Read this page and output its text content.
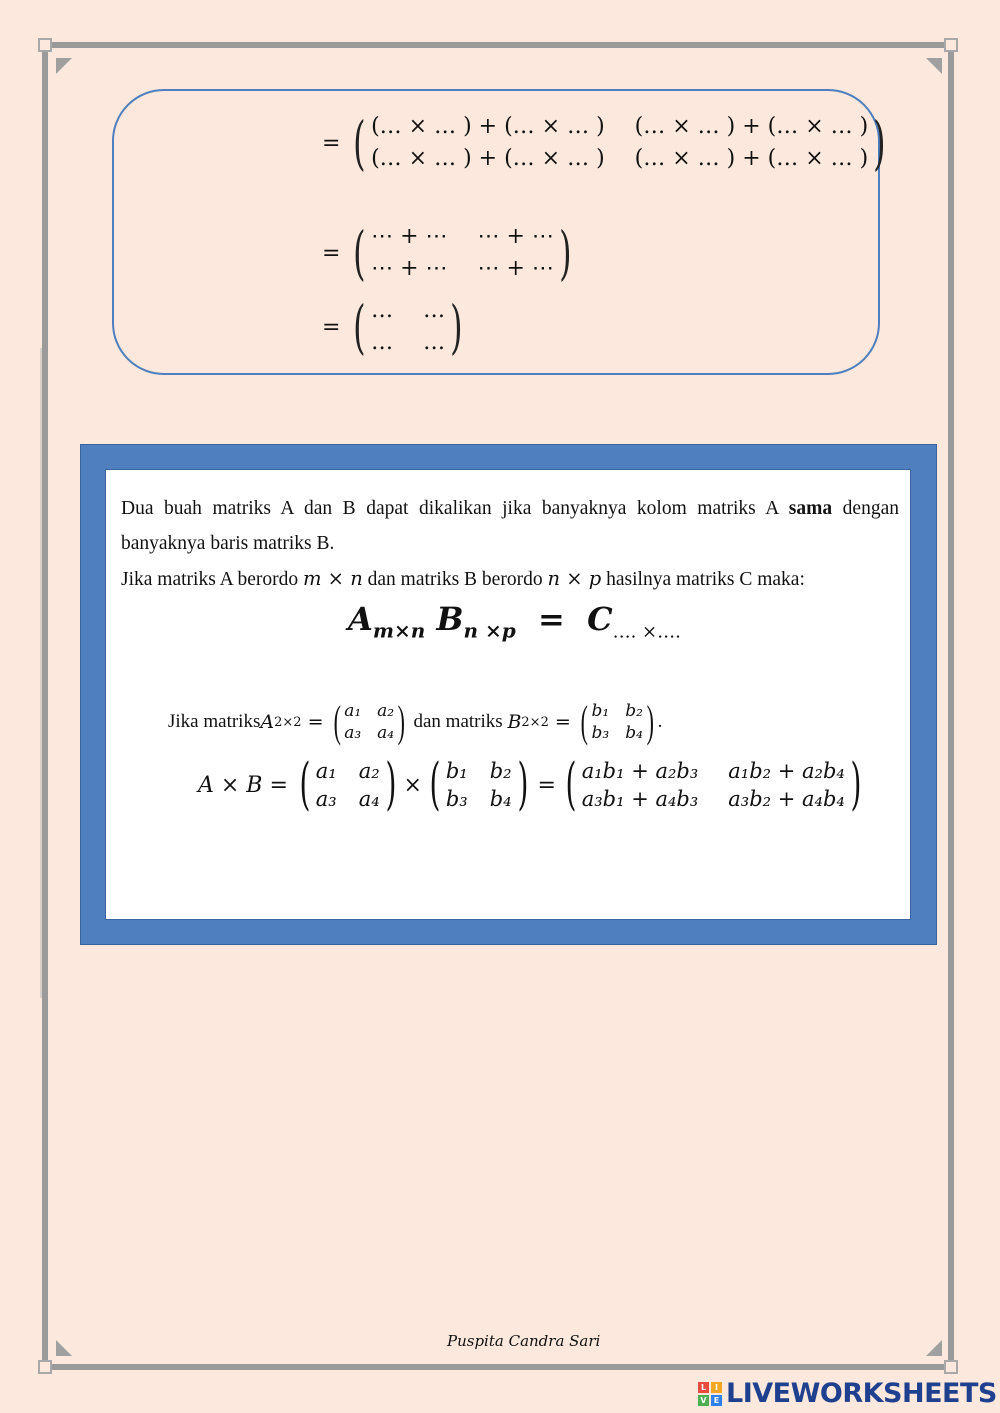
= ( (… × … ) + (… × … ) (… × … ) + (… × … )
(… × … ) + (… × … ) (… × … ) + (… × … ) )
= ( ⋯ + ⋯ ⋯ + ⋯
⋯ + ⋯ ⋯ + ⋯ )
= ( … …
… … )
Dua buah matriks A dan B dapat dikalikan jika banyaknya kolom matriks A sama dengan banyaknya baris matriks B.
Jika matriks A berordo m × n dan matriks B berordo n × p hasilnya matriks C maka:
$A_{m\times n}$ $B_{n \times p} = C_{\dots. \times\dots.}$
Jika matriks A 2×2 = ( a₁ a₂
a₃ a₄ ) dan matriks B 2×2 = ( b₁ b₂
b₃ b₄ ) .
A × B = ( a₁ a₂
a₃ a₄ ) × ( b₁ b₂
b₃ b₄ ) = ( a₁b₁ + a₂b₃ a₁b₂ + a₂b₄
a₃b₁ + a₄b₃ a₃b₂ + a₄b₄ )
Puspita Candra Sari
L	I
V E LIVEWORKSHEETS
